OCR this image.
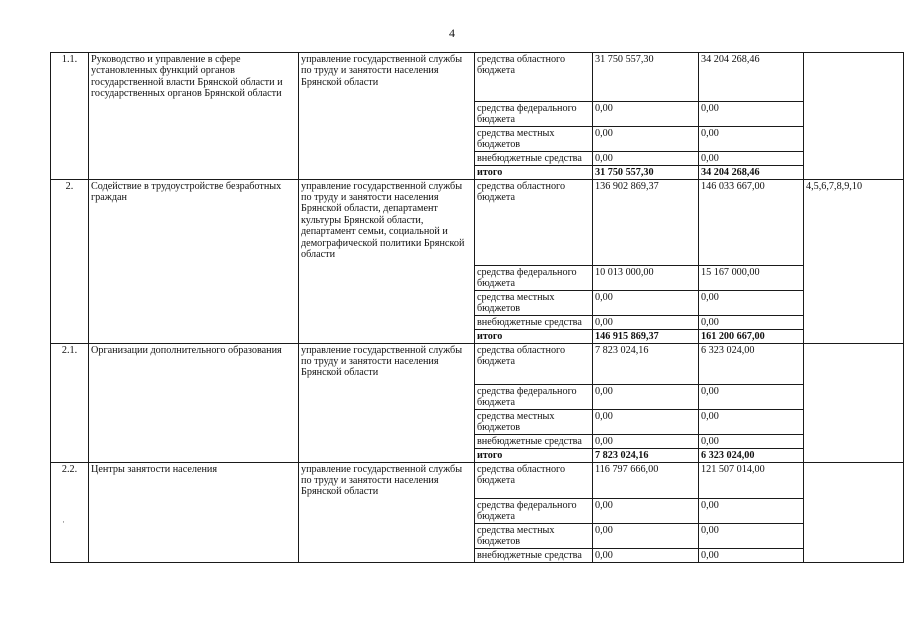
4
1.1.	Руководство и управление в сфере установленных функций органов государственной власти Брянской области и государственных органов Брянской области	управление государственной службы по труду и занятости населения Брянской области	средства областного бюджета	31 750 557,30	34 204 268,46	
			средства федерального бюджета	0,00	0,00	
			средства местных бюджетов	0,00	0,00	
			внебюджетные средства	0,00	0,00	
			итого	31 750 557,30	34 204 268,46	
2.	Содействие в трудоустройстве безработных граждан	управление государственной службы по труду и занятости населения Брянской области, департамент культуры Брянской области, департамент семьи, социальной и демографической политики Брянской области	средства областного бюджета	136 902 869,37	146 033 667,00	4,5,6,7,8,9,10
			средства федерального бюджета	10 013 000,00	15 167 000,00	
			средства местных бюджетов	0,00	0,00	
			внебюджетные средства	0,00	0,00	
			итого	146 915 869,37	161 200 667,00	
2.1.	Организации дополнительного образования	управление государственной службы по труду и занятости населения Брянской области	средства областного бюджета	7 823 024,16	6 323 024,00	
			средства федерального бюджета	0,00	0,00	
			средства местных бюджетов	0,00	0,00	
			внебюджетные средства	0,00	0,00	
			итого	7 823 024,16	6 323 024,00	
2.2.	Центры занятости населения	управление государственной службы по труду и занятости населения Брянской области	средства областного бюджета	116 797 666,00	121 507 014,00	
			средства федерального бюджета	0,00	0,00	
			средства местных бюджетов	0,00	0,00	
			внебюджетные средства	0,00	0,00	
·
